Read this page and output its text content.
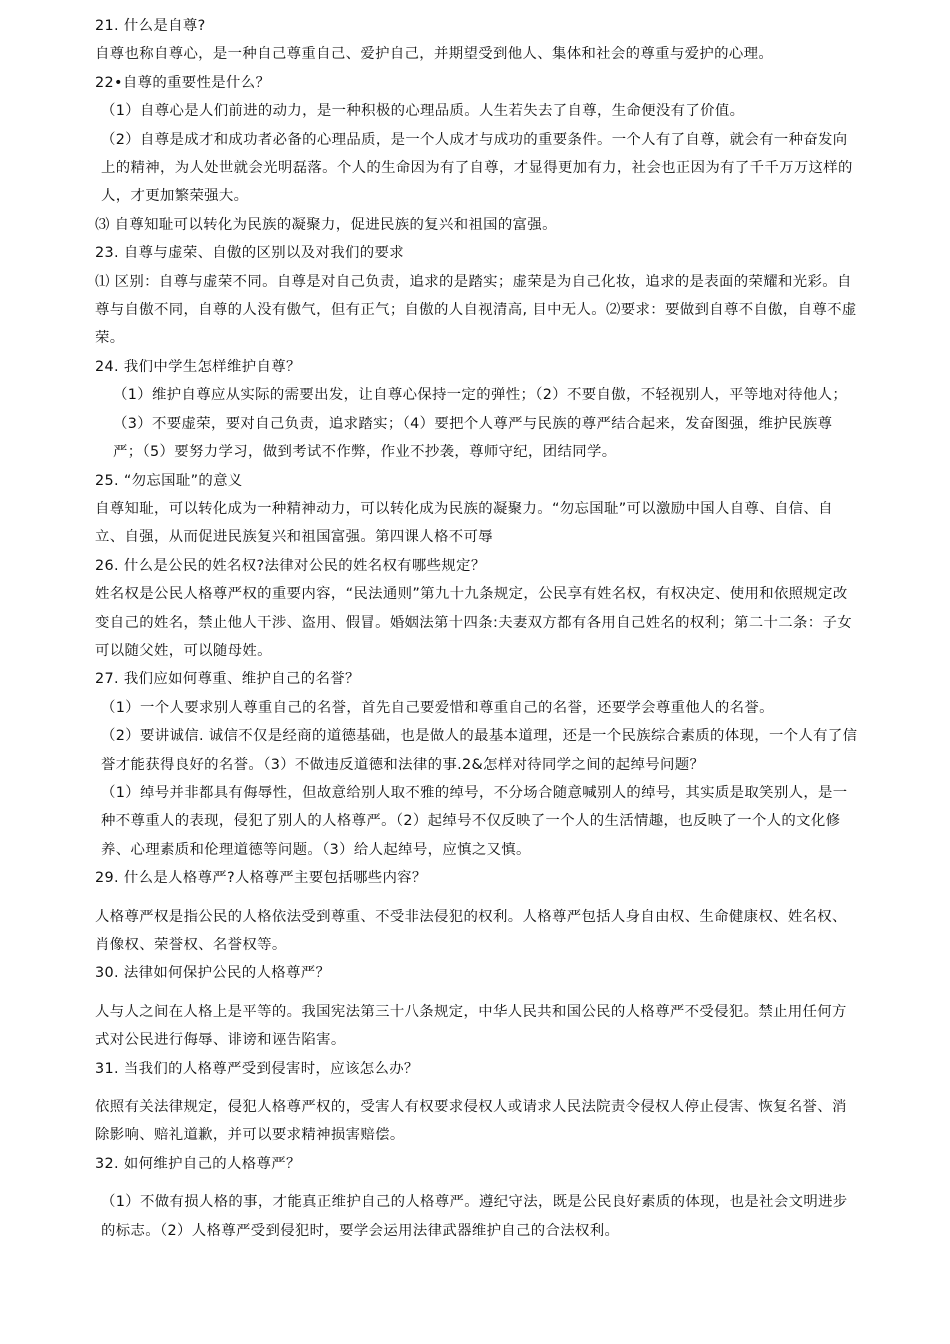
21. 什么是自尊?

自尊也称自尊心，是一种自己尊重自己、爱护自己，并期望受到他人、集体和社会的尊重与爱护的心理。

22•自尊的重要性是什么？

（1）自尊心是人们前进的动力，是一种积极的心理品质。人生若失去了自尊，生命便没有了价值。

（2）自尊是成才和成功者必备的心理品质，是一个人成才与成功的重要条件。一个人有了自尊，就会有一种奋发向上的精神，为人处世就会光明磊落。个人的生命因为有了自尊，才显得更加有力，社会也正因为有了千千万万这样的人，才更加繁荣强大。

⑶ 自尊知耻可以转化为民族的凝聚力，促进民族的复兴和祖国的富强。

23. 自尊与虚荣、自傲的区别以及对我们的要求

⑴ 区别：自尊与虚荣不同。自尊是对自己负责，追求的是踏实；虚荣是为自己化妆，追求的是表面的荣耀和光彩。自尊与自傲不同，自尊的人没有傲气，但有正气；自傲的人自视清高, 目中无人。⑵要求：要做到自尊不自傲，自尊不虚荣。

24. 我们中学生怎样维护自尊？

（1）维护自尊应从实际的需要出发，让自尊心保持一定的弹性；（2）不要自傲，不轻视别人，平等地对待他人；（3）不要虚荣，要对自己负责，追求踏实；（4）要把个人尊严与民族的尊严结合起来，发奋图强，维护民族尊严；（5）要努力学习，做到考试不作弊，作业不抄袭，尊师守纪，团结同学。

25. “勿忘国耻”的意义

自尊知耻，可以转化成为一种精神动力，可以转化成为民族的凝聚力。“勿忘国耻”可以激励中国人自尊、自信、自立、自强，从而促进民族复兴和祖国富强。第四课人格不可辱

26. 什么是公民的姓名权?法律对公民的姓名权有哪些规定？

姓名权是公民人格尊严权的重要内容，“民法通则”第九十九条规定，公民享有姓名权，有权决定、使用和依照规定改变自己的姓名，禁止他人干涉、盗用、假冒。婚姻法第十四条:夫妻双方都有各用自己姓名的权利；第二十二条：子女可以随父姓，可以随母姓。

27. 我们应如何尊重、维护自己的名誉？

（1）一个人要求别人尊重自己的名誉，首先自己要爱惜和尊重自己的名誉，还要学会尊重他人的名誉。

（2）要讲诚信. 诚信不仅是经商的道德基础，也是做人的最基本道理，还是一个民族综合素质的体现，一个人有了信誉才能获得良好的名誉。（3）不做违反道德和法律的事.2&怎样对待同学之间的起绰号问题？

（1）绰号并非都具有侮辱性，但故意给别人取不雅的绰号，不分场合随意喊别人的绰号，其实质是取笑别人，是一种不尊重人的表现，侵犯了别人的人格尊严。（2）起绰号不仅反映了一个人的生活情趣，也反映了一个人的文化修养、心理素质和伦理道德等问题。（3）给人起绰号，应慎之又慎。

29. 什么是人格尊严?人格尊严主要包括哪些内容？

人格尊严权是指公民的人格依法受到尊重、不受非法侵犯的权利。人格尊严包括人身自由权、生命健康权、姓名权、肖像权、荣誉权、名誉权等。

30. 法律如何保护公民的人格尊严？

人与人之间在人格上是平等的。我国宪法第三十八条规定，中华人民共和国公民的人格尊严不受侵犯。禁止用任何方式对公民进行侮辱、诽谤和诬告陷害。

31. 当我们的人格尊严受到侵害时，应该怎么办？

依照有关法律规定，侵犯人格尊严权的，受害人有权要求侵权人或请求人民法院责令侵权人停止侵害、恢复名誉、消除影响、赔礼道歉，并可以要求精神损害赔偿。

32. 如何维护自己的人格尊严？

（1）不做有损人格的事，才能真正维护自己的人格尊严。遵纪守法，既是公民良好素质的体现，也是社会文明进步的标志。（2）人格尊严受到侵犯时，要学会运用法律武器维护自己的合法权利。
